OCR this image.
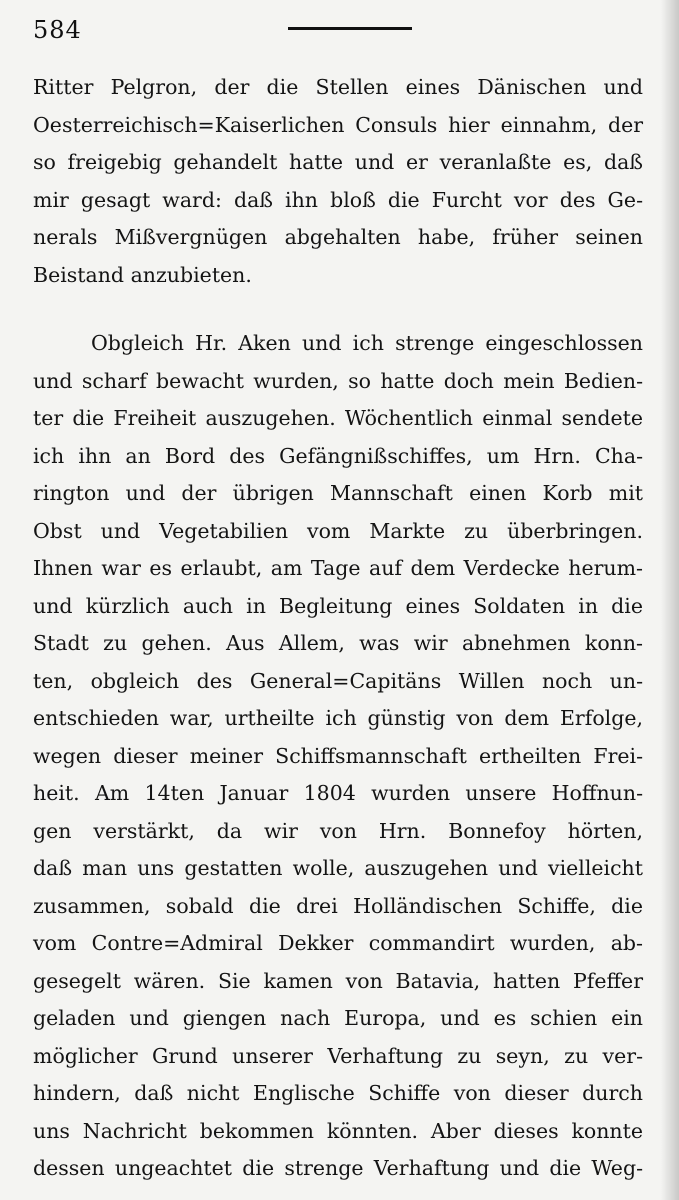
584
Ritter Pelgron, der die Stellen eines Dänischen und
Oesterreichisch=Kaiserlichen Consuls hier einnahm, der
so freigebig gehandelt hatte und er veranlaßte es, daß
mir gesagt ward: daß ihn bloß die Furcht vor des Ge-
nerals Mißvergnügen abgehalten habe, früher seinen
Beistand anzubieten.
Obgleich Hr. Aken und ich strenge eingeschlossen
und scharf bewacht wurden, so hatte doch mein Bedien-
ter die Freiheit auszugehen. Wöchentlich einmal sendete
ich ihn an Bord des Gefängnißschiffes, um Hrn. Cha-
rington und der übrigen Mannschaft einen Korb mit
Obst und Vegetabilien vom Markte zu überbringen.
Ihnen war es erlaubt, am Tage auf dem Verdecke herum-
und kürzlich auch in Begleitung eines Soldaten in die
Stadt zu gehen. Aus Allem, was wir abnehmen konn-
ten, obgleich des General=Capitäns Willen noch un-
entschieden war, urtheilte ich günstig von dem Erfolge,
wegen dieser meiner Schiffsmannschaft ertheilten Frei-
heit. Am 14ten Januar 1804 wurden unsere Hoffnun-
gen verstärkt, da wir von Hrn. Bonnefoy hörten,
daß man uns gestatten wolle, auszugehen und vielleicht
zusammen, sobald die drei Holländischen Schiffe, die
vom Contre=Admiral Dekker commandirt wurden, ab-
gesegelt wären. Sie kamen von Batavia, hatten Pfeffer
geladen und giengen nach Europa, und es schien ein
möglicher Grund unserer Verhaftung zu seyn, zu ver-
hindern, daß nicht Englische Schiffe von dieser durch
uns Nachricht bekommen könnten. Aber dieses konnte
dessen ungeachtet die strenge Verhaftung und die Weg-
